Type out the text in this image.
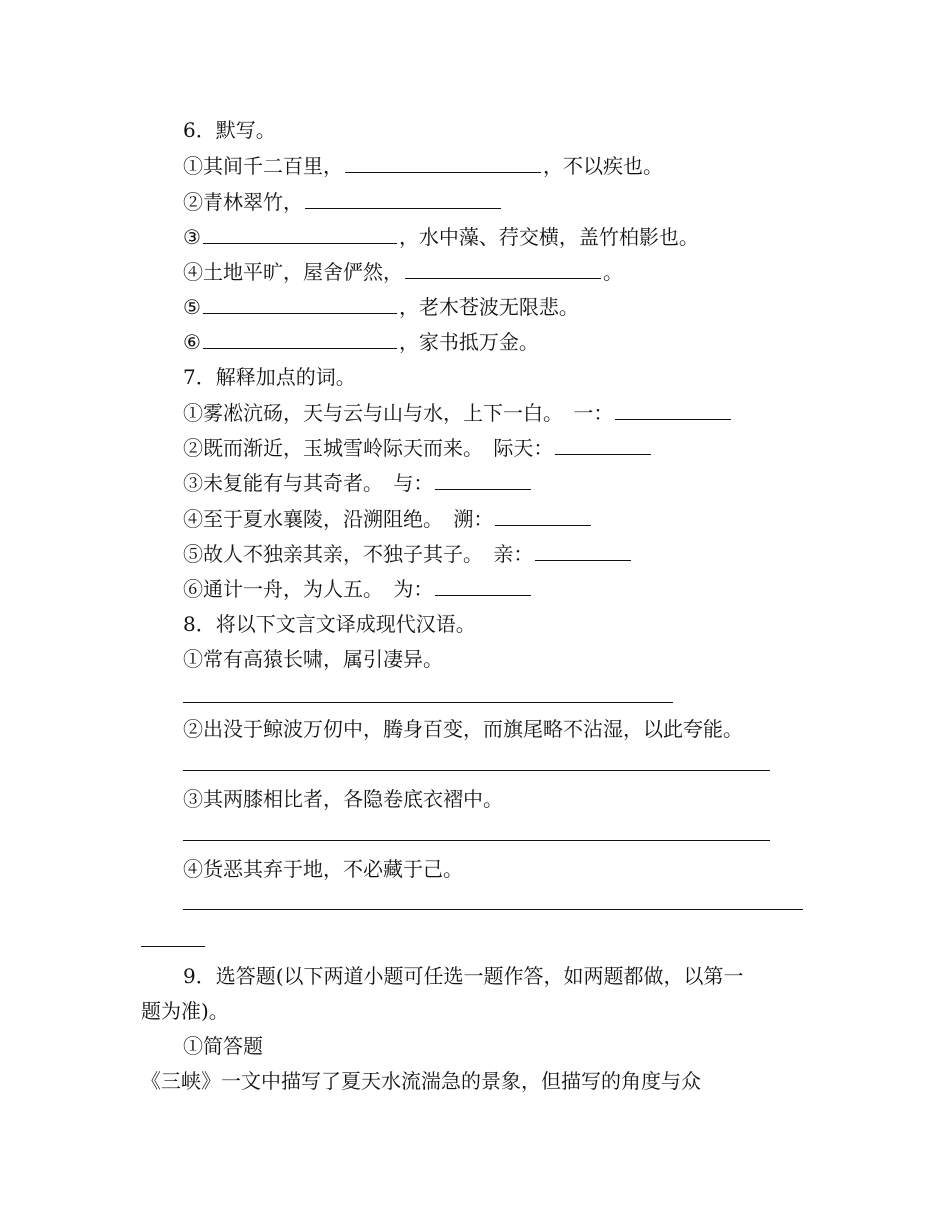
6．默写。
①其间千二百里，	，不以疾也。
②青林翠竹，
③	，水中藻、荇交横，盖竹柏影也。
④土地平旷，屋舍俨然，	。
⑤	，老木苍波无限悲。
⑥	，家书抵万金。
7．解释加点的词。
①雾凇沆砀，天与云与山与水，上下一白。 一：
②既而渐近，玉城雪岭际天而来。 际天：
③未复能有与其奇者。 与：
④至于夏水襄陵，沿溯阻绝。 溯：
⑤故人不独亲其亲，不独子其子。 亲：
⑥通计一舟，为人五。 为：
8．将以下文言文译成现代汉语。
①常有高猿长啸，属引凄异。
②出没于鲸波万仞中，腾身百变，而旗尾略不沾湿，以此夸能。
③其两膝相比者，各隐卷底衣褶中。
④货恶其弃于地，不必藏于己。
9．选答题(以下两道小题可任选一题作答，如两题都做，以第一
题为准)。
①简答题
《三峡》一文中描写了夏天水流湍急的景象，但描写的角度与众
